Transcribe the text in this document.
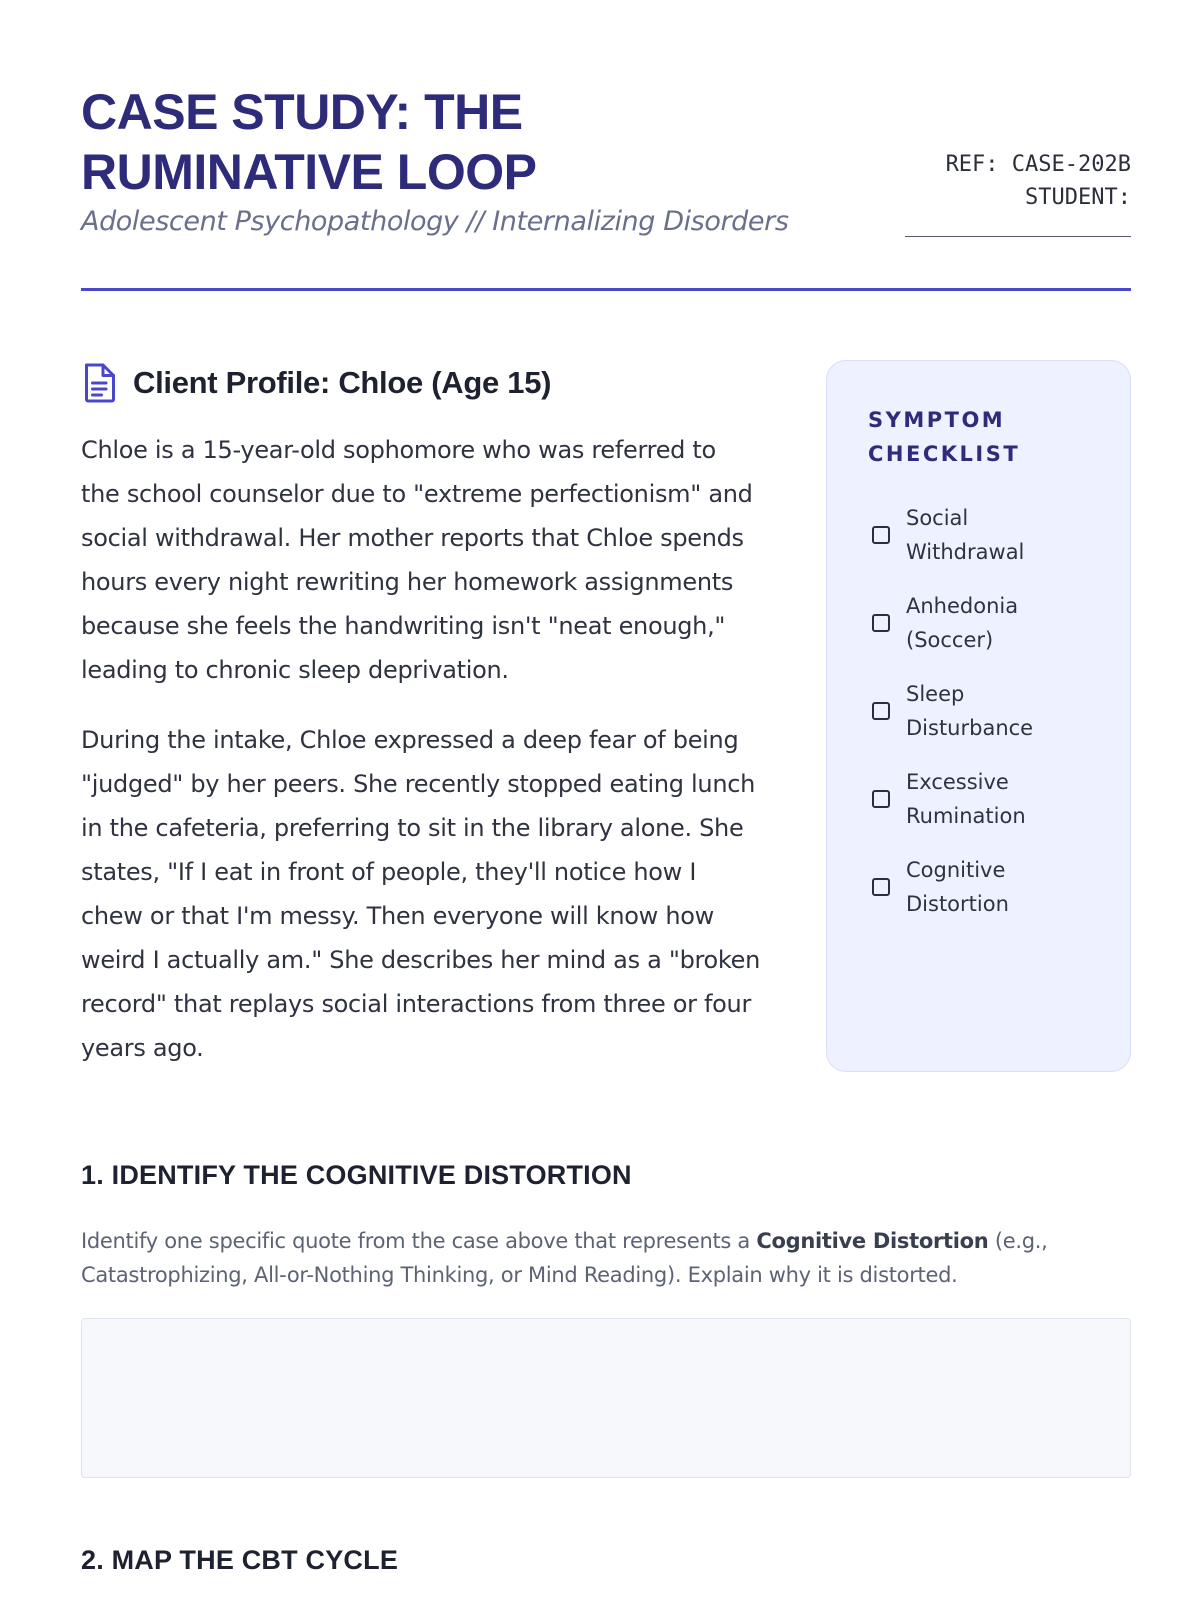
CASE STUDY: THE
RUMINATIVE LOOP

Adolescent Psychopathology // Internalizing Disorders

REF: CASE-202B
STUDENT:
Client Profile: Chloe (Age 15)

Chloe is a 15-year-old sophomore who was referred to the school counselor due to "extreme perfectionism" and social withdrawal. Her mother reports that Chloe spends hours every night rewriting her homework assignments because she feels the handwriting isn't "neat enough," leading to chronic sleep deprivation.

During the intake, Chloe expressed a deep fear of being "judged" by her peers. She recently stopped eating lunch in the cafeteria, preferring to sit in the library alone. She states, "If I eat in front of people, they'll notice how I chew or that I'm messy. Then everyone will know how weird I actually am." She describes her mind as a "broken record" that replays social interactions from three or four years ago.

SYMPTOM CHECKLIST
Social Withdrawal
Anhedonia (Soccer)
Sleep Disturbance
Excessive Rumination
Cognitive Distortion
1. IDENTIFY THE COGNITIVE DISTORTION

Identify one specific quote from the case above that represents a Cognitive Distortion (e.g., Catastrophizing, All-or-Nothing Thinking, or Mind Reading). Explain why it is distorted.

2. MAP THE CBT CYCLE
